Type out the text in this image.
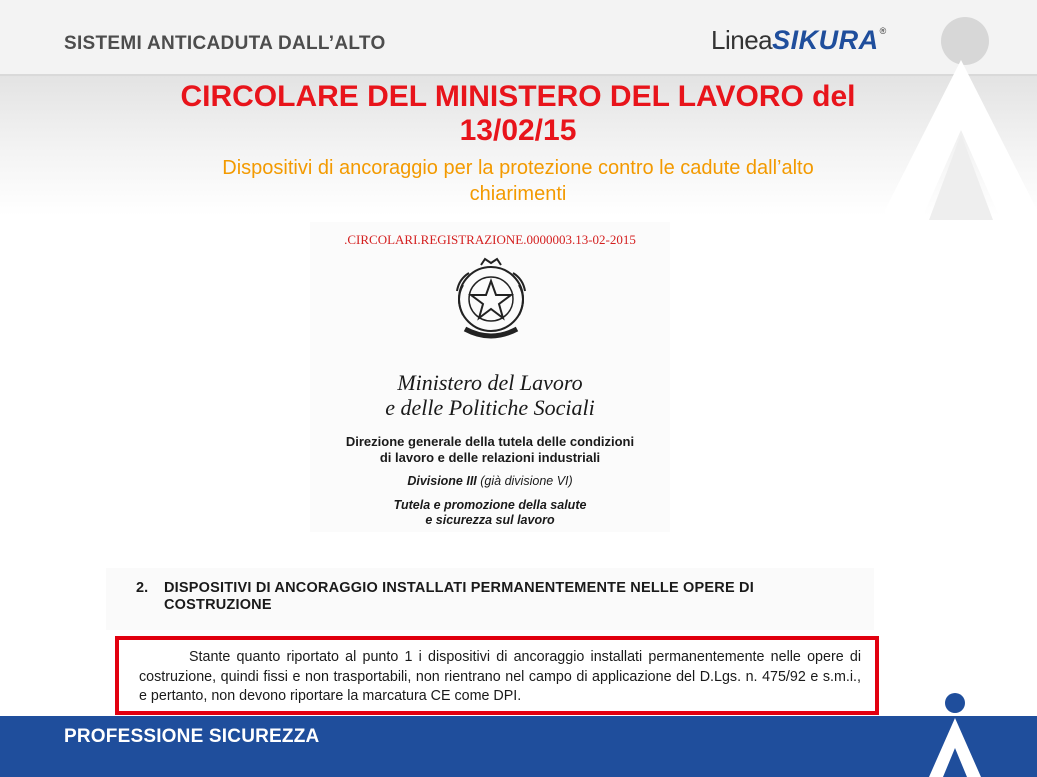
SISTEMI ANTICADUTA DALL’ALTO	Linea SIKURA ®
CIRCOLARE DEL MINISTERO DEL LAVORO del
13/02/15
Dispositivi di ancoraggio per la protezione contro le cadute dall’alto
chiarimenti
.CIRCOLARI.REGISTRAZIONE.0000003.13-02-2015
Ministero del Lavoro
e delle Politiche Sociali
Direzione generale della tutela delle condizioni
di lavoro e delle relazioni industriali
Divisione III (già divisione VI)
Tutela e promozione della salute
e sicurezza sul lavoro
2. DISPOSITIVI DI ANCORAGGIO INSTALLATI PERMANENTEMENTE NELLE OPERE DI COSTRUZIONE
Stante quanto riportato al punto 1 i dispositivi di ancoraggio installati permanentemente nelle opere di costruzione, quindi fissi e non trasportabili, non rientrano nel campo di applicazione del D.Lgs. n. 475/92 e s.m.i., e pertanto, non devono riportare la marcatura CE come DPI.
PROFESSIONE SICUREZZA
